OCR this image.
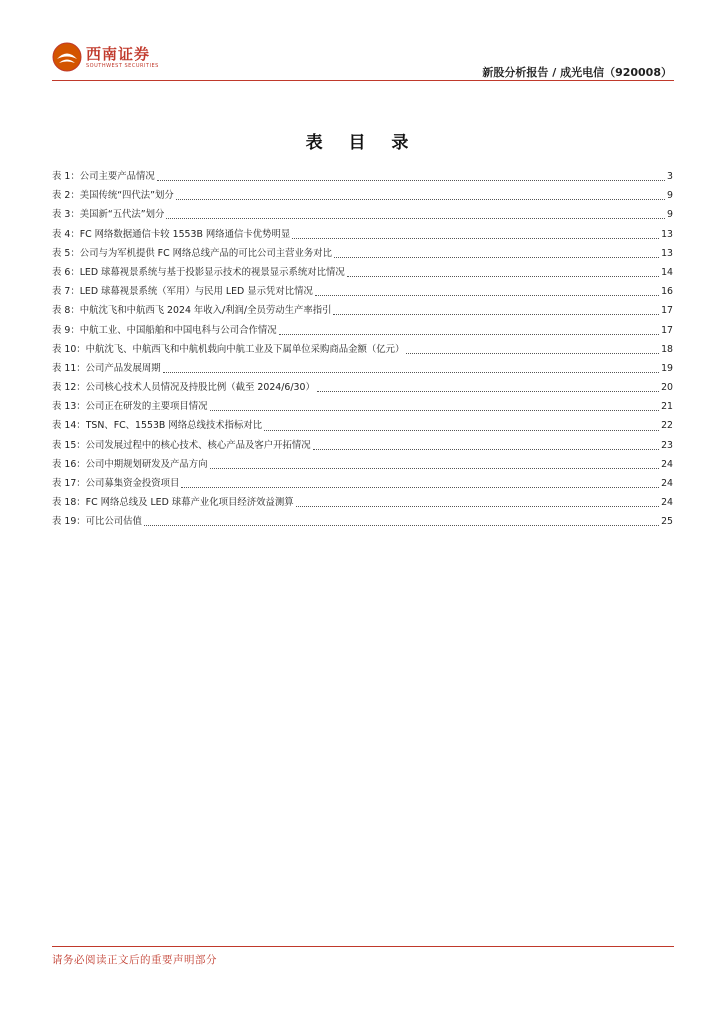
西南证券
SOUTHWEST SECURITIES	新股分析报告 / 成光电信（920008）
表 目 录
表 1： 公司主要产品情况	3
表 2： 美国传统“四代法”划分	9
表 3： 美国新“五代法”划分	9
表 4： FC 网络数据通信卡较 1553B 网络通信卡优势明显	13
表 5： 公司与为军机提供 FC 网络总线产品的可比公司主营业务对比	13
表 6： LED 球幕视景系统与基于投影显示技术的视景显示系统对比情况	14
表 7： LED 球幕视景系统（军用）与民用 LED 显示凭对比情况	16
表 8： 中航沈飞和中航西飞 2024 年收入/利润/全员劳动生产率指引	17
表 9： 中航工业、中国船舶和中国电科与公司合作情况	17
表 10： 中航沈飞、中航西飞和中航机载向中航工业及下属单位采购商品金额（亿元）	18
表 11： 公司产品发展周期	19
表 12： 公司核心技术人员情况及持股比例（截至 2024/6/30）	20
表 13： 公司正在研发的主要项目情况	21
表 14： TSN、FC、1553B 网络总线技术指标对比	22
表 15： 公司发展过程中的核心技术、核心产品及客户开拓情况	23
表 16： 公司中期规划研发及产品方向	24
表 17： 公司募集资金投资项目	24
表 18： FC 网络总线及 LED 球幕产业化项目经济效益测算	24
表 19： 可比公司估值	25
请务必阅读正文后的重要声明部分
